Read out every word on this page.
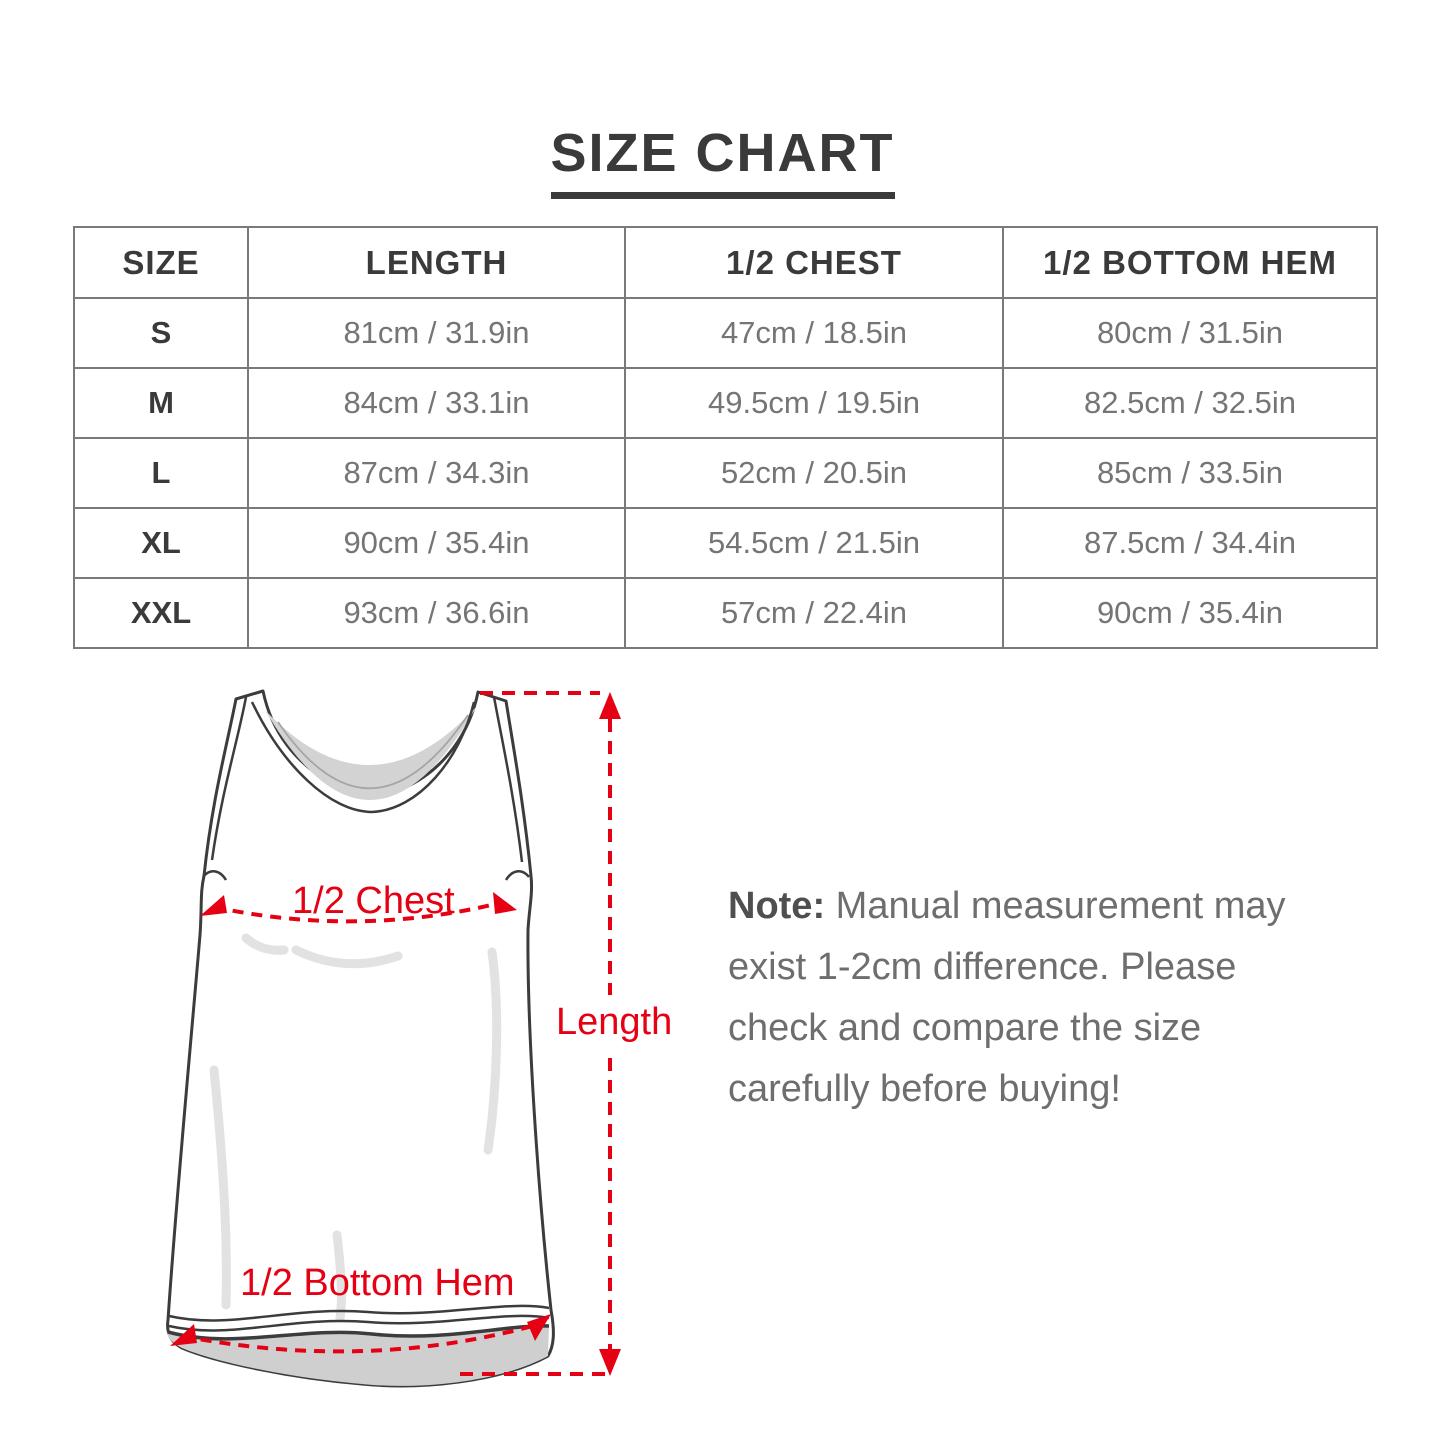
SIZE CHART
SIZE	LENGTH	1/2 CHEST	1/2 BOTTOM HEM
S	81cm / 31.9in	47cm / 18.5in	80cm / 31.5in
M	84cm / 33.1in	49.5cm / 19.5in	82.5cm / 32.5in
L	87cm / 34.3in	52cm / 20.5in	85cm / 33.5in
XL	90cm / 35.4in	54.5cm / 21.5in	87.5cm / 34.4in
XXL	93cm / 36.6in	57cm / 22.4in	90cm / 35.4in
1/2 Chest
Length
1/2 Bottom Hem
Note: Manual measurement may
exist 1-2cm difference. Please
check and compare the size
carefully before buying!
